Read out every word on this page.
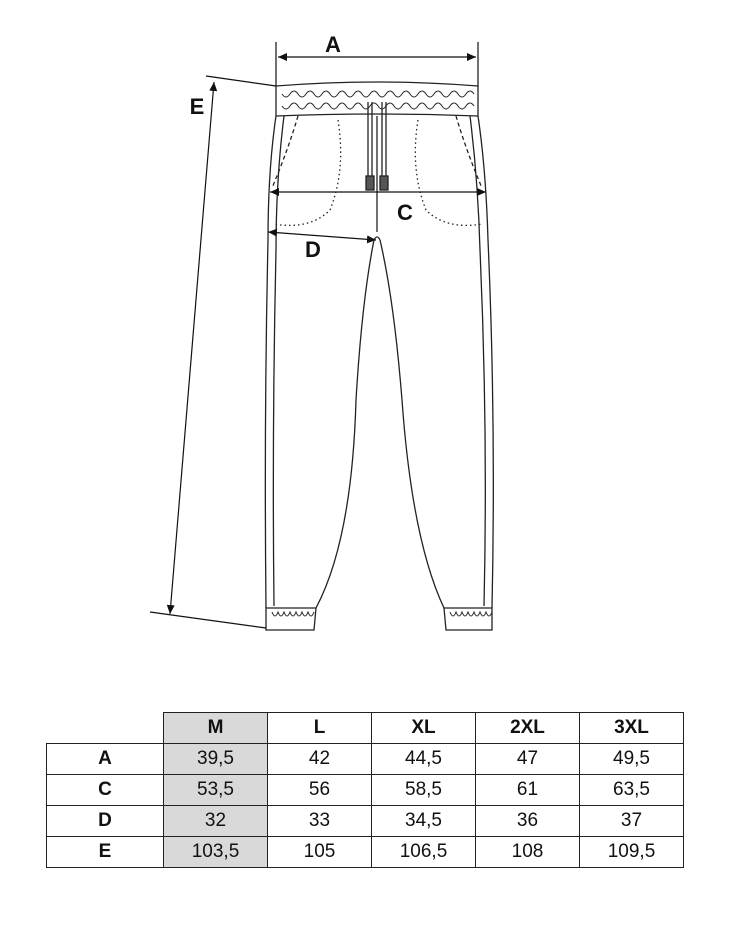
A
C
D
E
	M	L	XL	2XL	3XL
A	39,5	42	44,5	47	49,5
C	53,5	56	58,5	61	63,5
D	32	33	34,5	36	37
E	103,5	105	106,5	108	109,5
